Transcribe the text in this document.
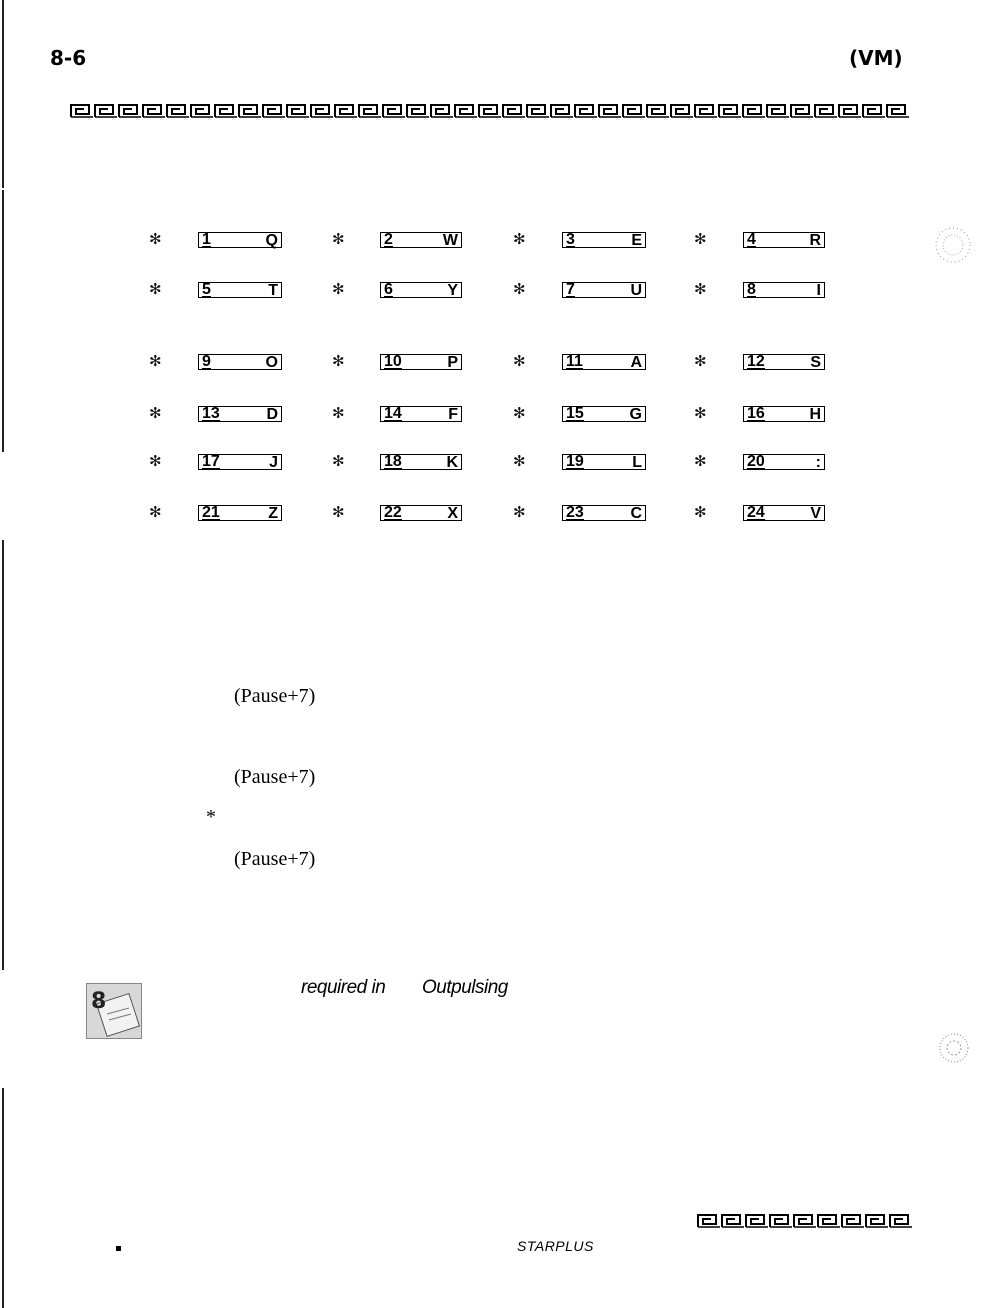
8-6	(VM)
✻	1	Q	✻ 2	W	✻	3	E	✻	4	R
✻	5	T	✻ 6	Y	✻	7	U	✻	8	I
✻	9	O	✻ 10	P	✻	11	A	✻	12	S
✻	13	D	✻ 14	F	✻	15	G	✻	16	H
✻	17	J	✻ 18	K	✻	19	L	✻	20	:
✻	21	Z	✻ 22	X	✻	23	C	✻	24	V
(Pause+7)
(Pause+7)
*
(Pause+7)
8
required in Outpulsing
STARPLUS
